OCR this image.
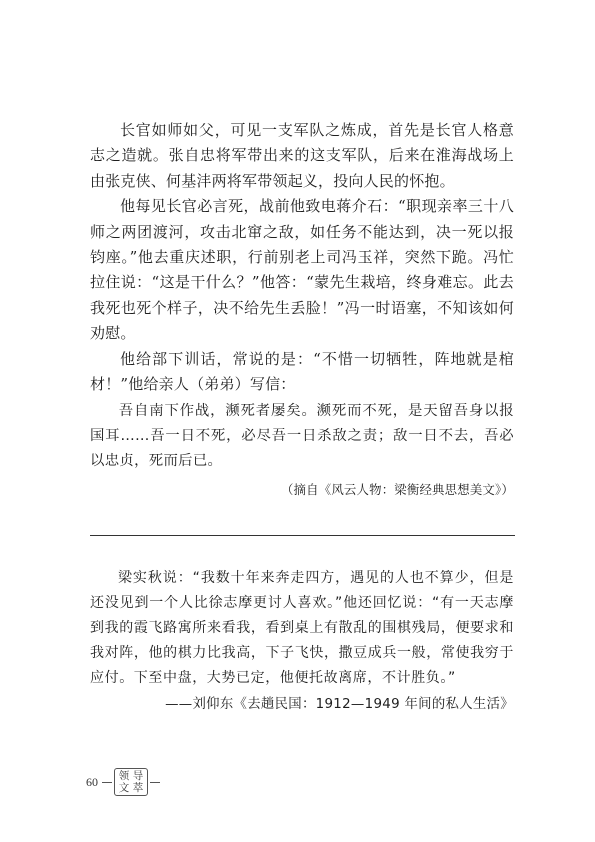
长官如师如父，可见一支军队之炼成，首先是长官人格意志之造就。张自忠将军带出来的这支军队，后来在淮海战场上由张克侠、何基沣两将军带领起义，投向人民的怀抱。

他每见长官必言死，战前他致电蒋介石：“职现亲率三十八师之两团渡河，攻击北窜之敌，如任务不能达到，决一死以报钧座。”他去重庆述职，行前别老上司冯玉祥，突然下跪。冯忙拉住说：“这是干什么？”他答：“蒙先生栽培，终身难忘。此去我死也死个样子，决不给先生丢脸！”冯一时语塞，不知该如何劝慰。

他给部下训话，常说的是：“不惜一切牺牲，阵地就是棺材！”他给亲人（弟弟）写信：

吾自南下作战，濒死者屡矣。濒死而不死，是天留吾身以报国耳……吾一日不死，必尽吾一日杀敌之责；敌一日不去，吾必以忠贞，死而后已。

（摘自《风云人物：梁衡经典思想美文》）

梁实秋说：“我数十年来奔走四方，遇见的人也不算少，但是还没见到一个人比徐志摩更讨人喜欢。”他还回忆说：“有一天志摩到我的霞飞路寓所来看我，看到桌上有散乱的围棋残局，便要求和我对阵，他的棋力比我高，下子飞快，撒豆成兵一般，常使我穷于应付。下至中盘，大势已定，他便托故离席，不计胜负。”

——刘仰东《去趟民国：1912—1949 年间的私人生活》

60 领 导
文 萃
